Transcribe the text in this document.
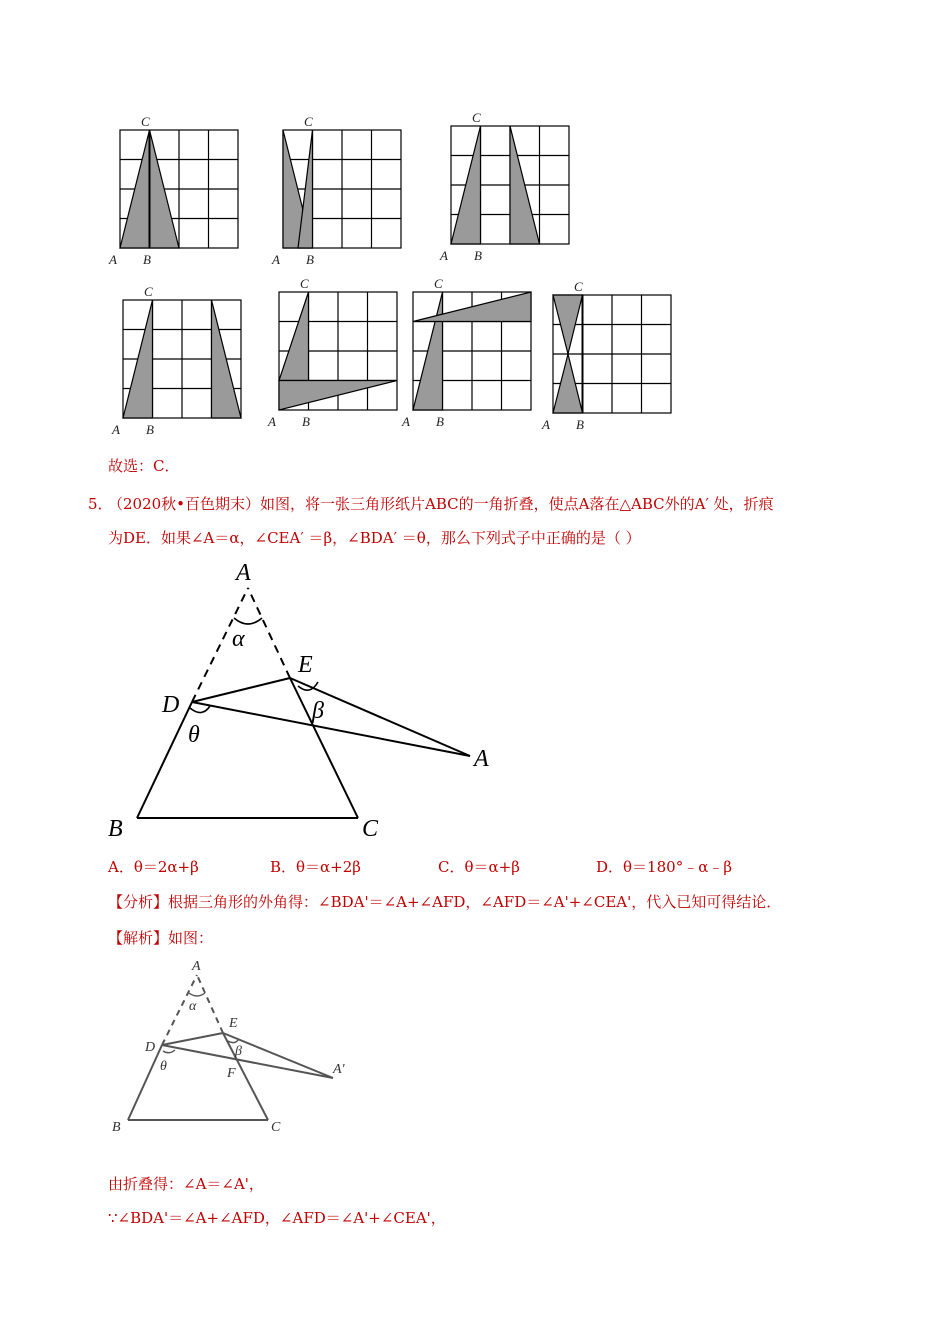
C
A B
C
A B
C
A B
C
A B
C
A B
C
A B
C
A B
故选：C．
5．
（2020秋•百色期末）如图，将一张三角形纸片ABC的一角折叠，使点A落在△ABC外的A′ 处，折痕
为DE．如果∠A＝α，∠CEA′ ＝β，∠BDA′ ＝θ，那么下列式子中正确的是（ ）
A
α
E
D	β
θ
A
B	C
A．θ＝2α+β	B．θ＝α+2β	C．θ＝α+β	D．θ＝180°﹣α﹣β
【分析】根据三角形的外角得：∠BDA'＝∠A+∠AFD，∠AFD＝∠A'+∠CEA'，代入已知可得结论．
【解析】如图：
A
α
E
D	β
θ	F	A'
B	C
由折叠得：∠A＝∠A'，
∵∠BDA'＝∠A+∠AFD，∠AFD＝∠A'+∠CEA'，
